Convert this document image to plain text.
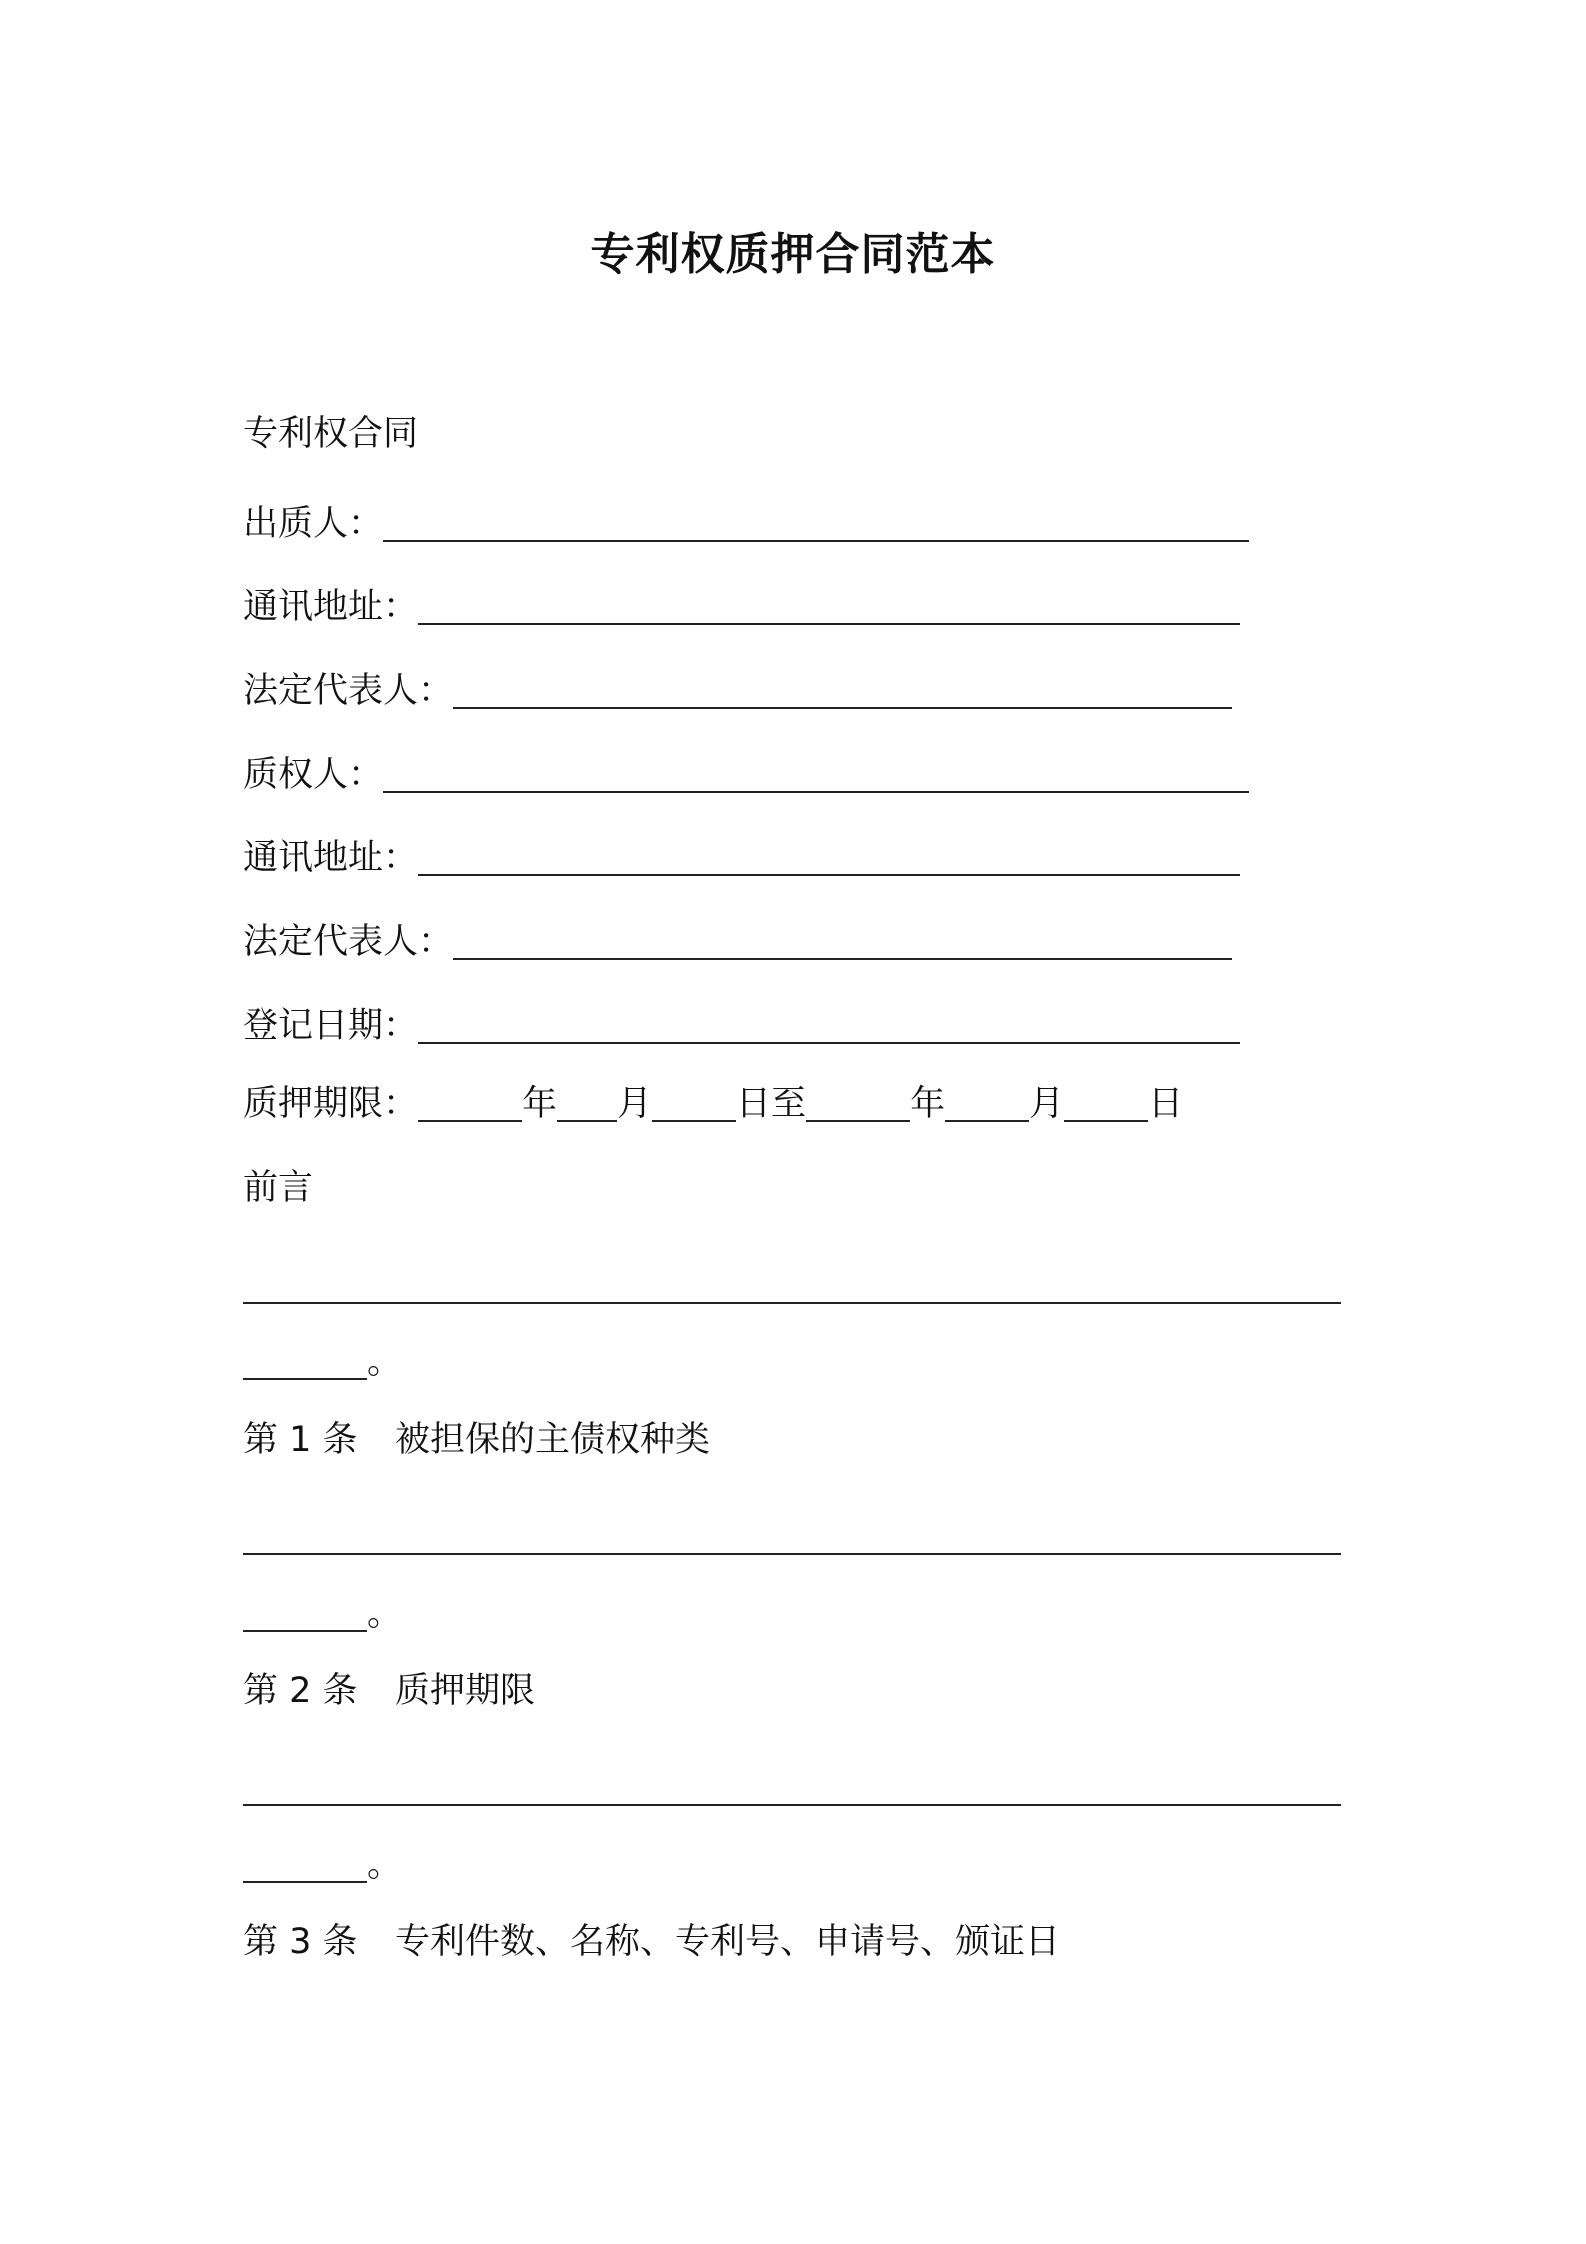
专利权质押合同范本
专利权合同
出质人：
通讯地址：
法定代表人：
质权人：
通讯地址：
法定代表人：
登记日期：
质押期限：	年 月 日至	年 月 日
前言
。
第 1 条 被担保的主债权种类
。
第 2 条 质押期限
。
第 3 条 专利件数、名称、专利号、申请号、颁证日
